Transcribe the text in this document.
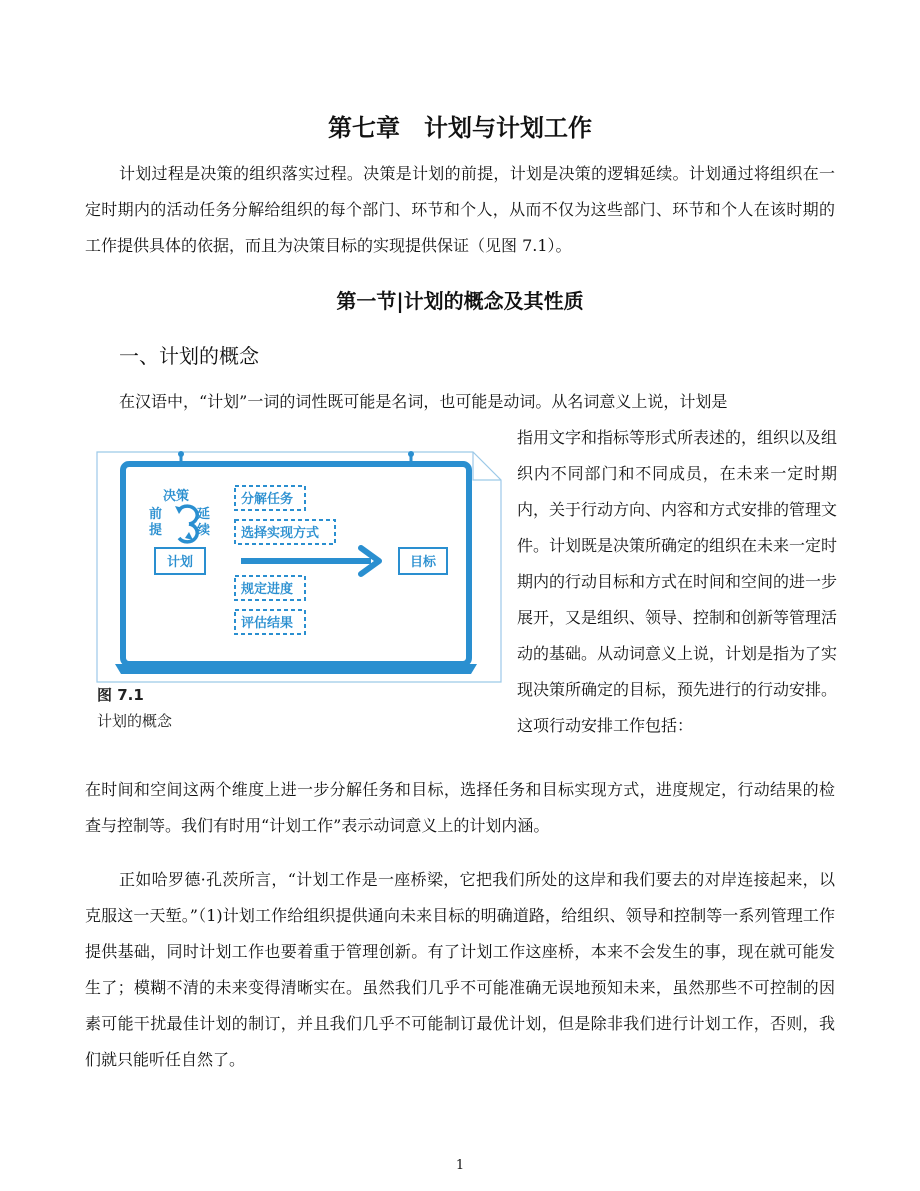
第七章　计划与计划工作

计划过程是决策的组织落实过程。决策是计划的前提，计划是决策的逻辑延续。计划通过将组织在一定时期内的活动任务分解给组织的每个部门、环节和个人，从而不仅为这些部门、环节和个人在该时期的工作提供具体的依据，而且为决策目标的实现提供保证（见图 7.1）。

第一节|计划的概念及其性质
一、计划的概念

在汉语中，“计划”一词的词性既可能是名词，也可能是动词。从名词意义上说，计划是

决策
前
提
延
续
计划
分解任务
选择实现方式
规定进度
评估结果
目标
图 7.1
计划的概念

指用文字和指标等形式所表述的，组织以及组织内不同部门和不同成员，在未来一定时期内，关于行动方向、内容和方式安排的管理文件。计划既是决策所确定的组织在未来一定时期内的行动目标和方式在时间和空间的进一步展开，又是组织、领导、控制和创新等管理活动的基础。从动词意义上说，计划是指为了实现决策所确定的目标，预先进行的行动安排。这项行动安排工作包括：

在时间和空间这两个维度上进一步分解任务和目标，选择任务和目标实现方式，进度规定，行动结果的检查与控制等。我们有时用“计划工作”表示动词意义上的计划内涵。

正如哈罗德·孔茨所言，“计划工作是一座桥梁，它把我们所处的这岸和我们要去的对岸连接起来，以克服这一天堑。”（1)计划工作给组织提供通向未来目标的明确道路，给组织、领导和控制等一系列管理工作提供基础，同时计划工作也要着重于管理创新。有了计划工作这座桥，本来不会发生的事，现在就可能发生了；模糊不清的未来变得清晰实在。虽然我们几乎不可能准确无误地预知未来，虽然那些不可控制的因素可能干扰最佳计划的制订，并且我们几乎不可能制订最优计划，但是除非我们进行计划工作，否则，我们就只能听任自然了。

1
